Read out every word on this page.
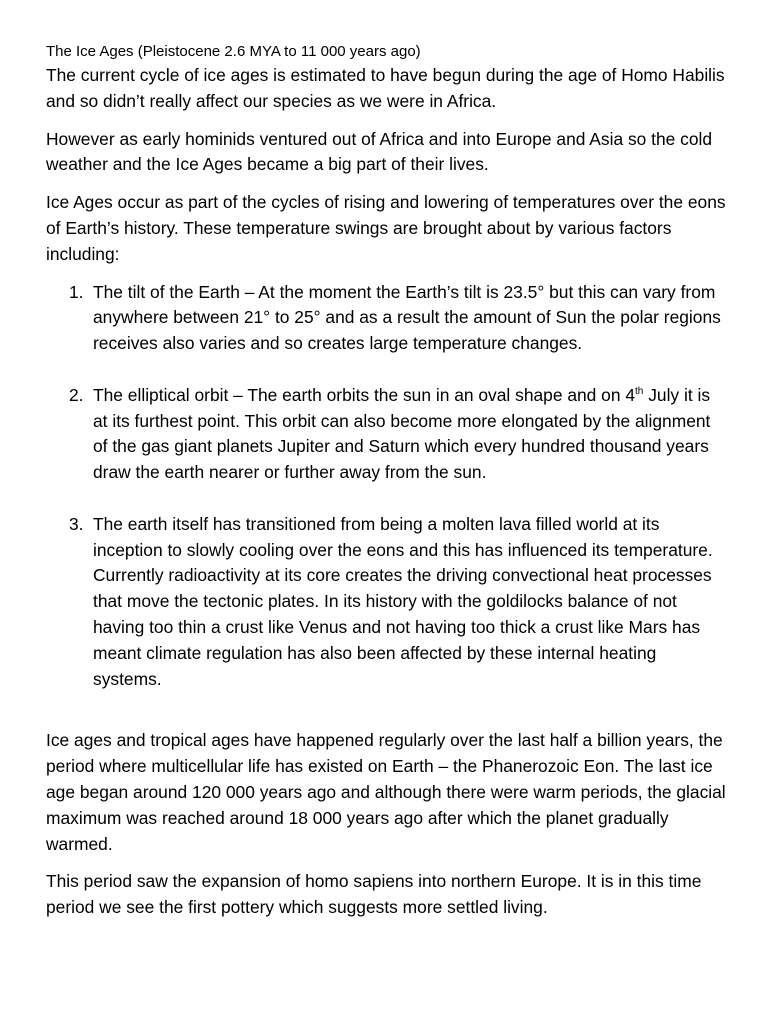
The Ice Ages (Pleistocene 2.6 MYA to 11 000 years ago)

The current cycle of ice ages is estimated to have begun during the age of Homo Habilis and so didn’t really affect our species as we were in Africa.

However as early hominids ventured out of Africa and into Europe and Asia so the cold weather and the Ice Ages became a big part of their lives.

Ice Ages occur as part of the cycles of rising and lowering of temperatures over the eons of Earth’s history. These temperature swings are brought about by various factors including:

1. The tilt of the Earth – At the moment the Earth’s tilt is 23.5° but this can vary from anywhere between 21° to 25° and as a result the amount of Sun the polar regions receives also varies and so creates large temperature changes.
2. The elliptical orbit – The earth orbits the sun in an oval shape and on 4th July it is at its furthest point. This orbit can also become more elongated by the alignment of the gas giant planets Jupiter and Saturn which every hundred thousand years draw the earth nearer or further away from the sun.
3. The earth itself has transitioned from being a molten lava filled world at its inception to slowly cooling over the eons and this has influenced its temperature. Currently radioactivity at its core creates the driving convectional heat processes that move the tectonic plates. In its history with the goldilocks balance of not having too thin a crust like Venus and not having too thick a crust like Mars has meant climate regulation has also been affected by these internal heating systems.

Ice ages and tropical ages have happened regularly over the last half a billion years, the period where multicellular life has existed on Earth – the Phanerozoic Eon. The last ice age began around 120 000 years ago and although there were warm periods, the glacial maximum was reached around 18 000 years ago after which the planet gradually warmed.

This period saw the expansion of homo sapiens into northern Europe. It is in this time period we see the first pottery which suggests more settled living.
